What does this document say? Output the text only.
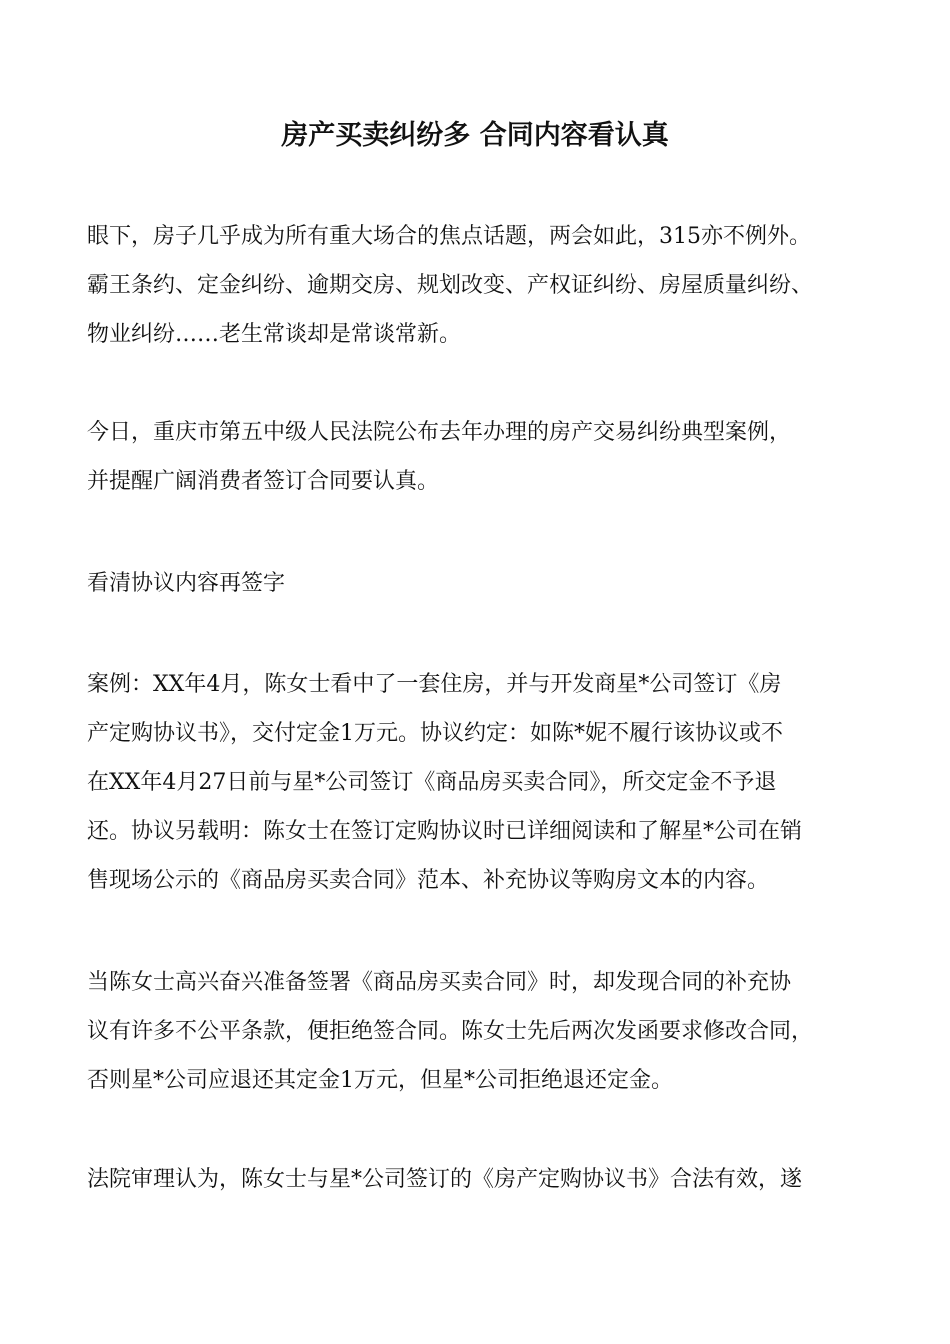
房产买卖纠纷多 合同内容看认真

眼下，房子几乎成为所有重大场合的焦点话题，两会如此，315亦不例外。
霸王条约、定金纠纷、逾期交房、规划改变、产权证纠纷、房屋质量纠纷、
物业纠纷……老生常谈却是常谈常新。

今日，重庆市第五中级人民法院公布去年办理的房产交易纠纷典型案例，
并提醒广阔消费者签订合同要认真。

看清协议内容再签字

案例：XX年4月，陈女士看中了一套住房，并与开发商星*公司签订《房
产定购协议书》，交付定金1万元。协议约定：如陈*妮不履行该协议或不
在XX年4月27日前与星*公司签订《商品房买卖合同》，所交定金不予退
还。协议另载明：陈女士在签订定购协议时已详细阅读和了解星*公司在销
售现场公示的《商品房买卖合同》范本、补充协议等购房文本的内容。

当陈女士高兴奋兴准备签署《商品房买卖合同》时，却发现合同的补充协
议有许多不公平条款，便拒绝签合同。陈女士先后两次发函要求修改合同，
否则星*公司应退还其定金1万元，但星*公司拒绝退还定金。

法院审理认为，陈女士与星*公司签订的《房产定购协议书》合法有效，遂
